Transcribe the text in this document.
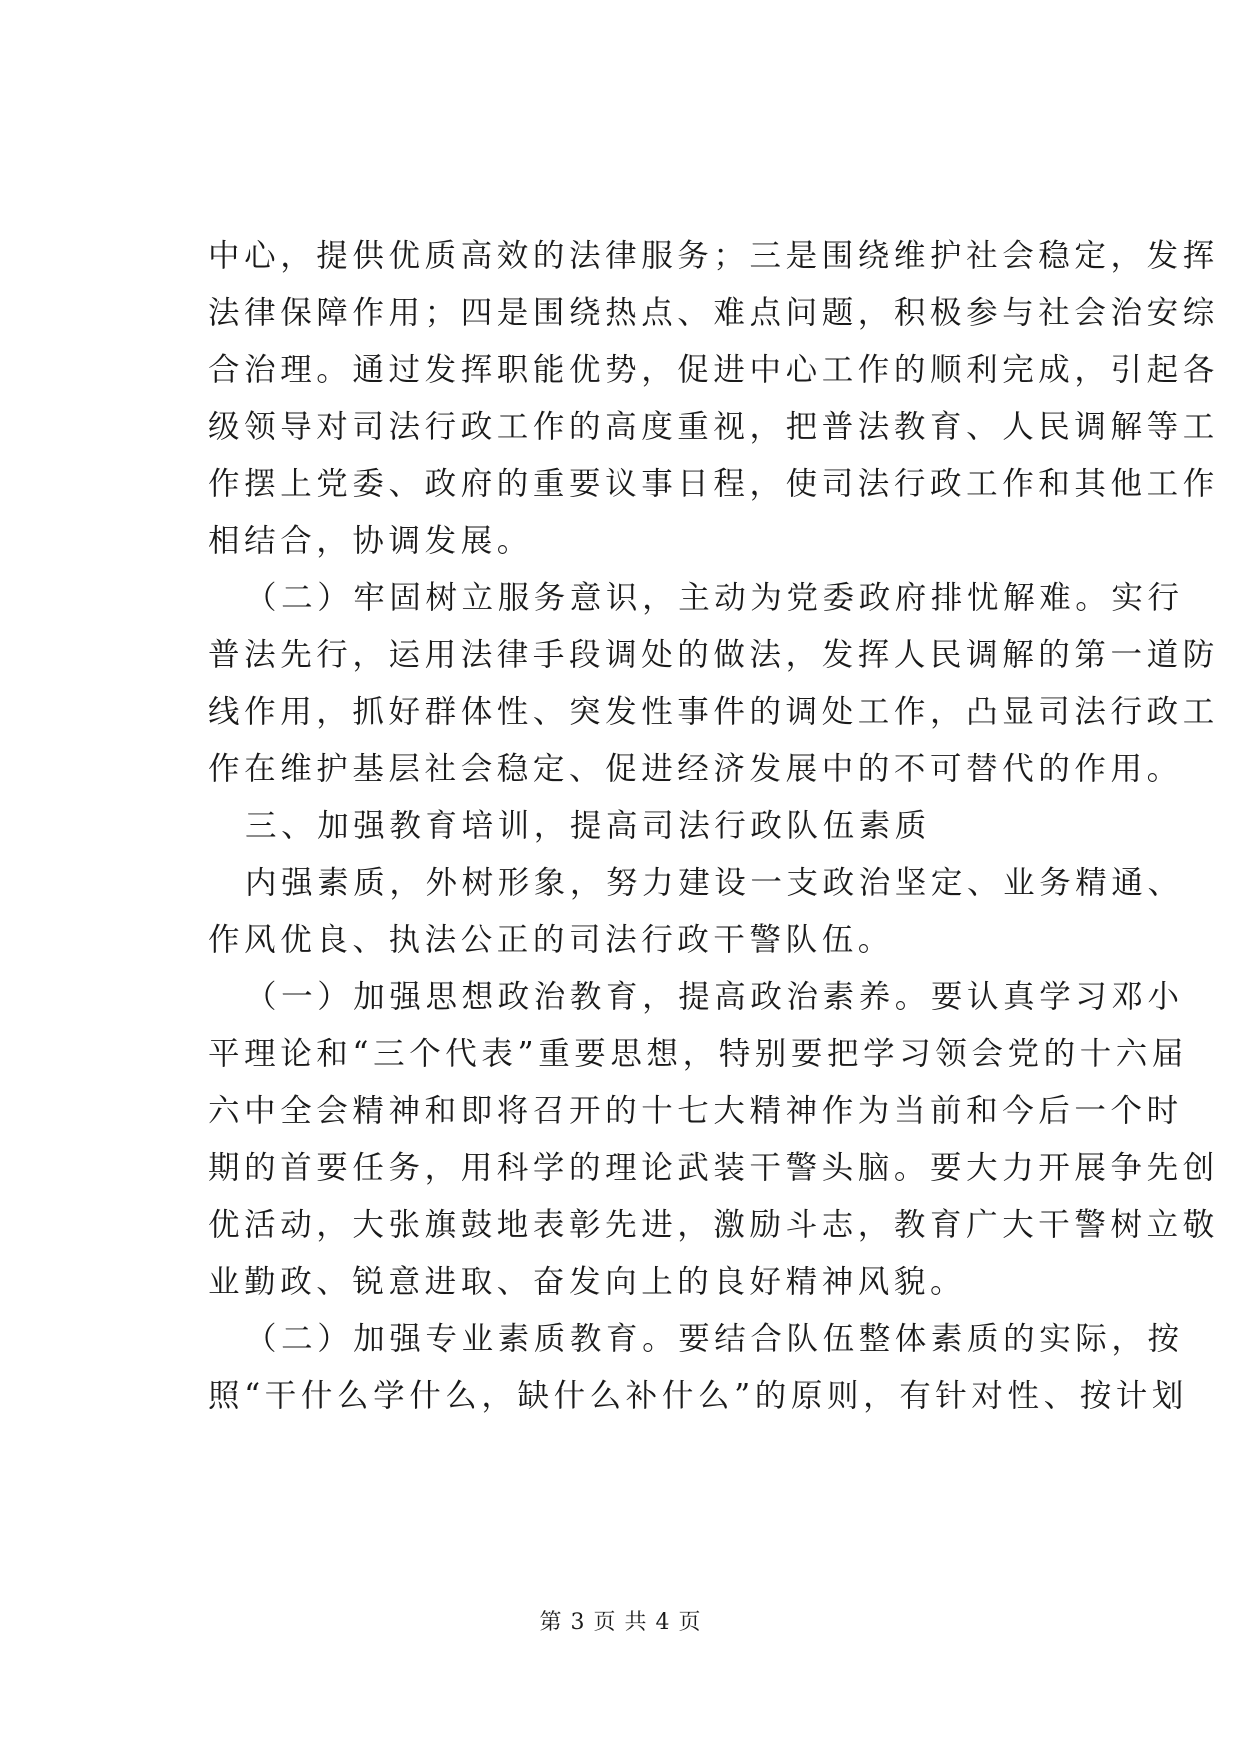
中心，提供优质高效的法律服务；三是围绕维护社会稳定，发挥
法律保障作用；四是围绕热点、难点问题，积极参与社会治安综
合治理。通过发挥职能优势，促进中心工作的顺利完成，引起各
级领导对司法行政工作的高度重视，把普法教育、人民调解等工
作摆上党委、政府的重要议事日程，使司法行政工作和其他工作
相结合，协调发展。
（二）牢固树立服务意识，主动为党委政府排忧解难。实行
普法先行，运用法律手段调处的做法，发挥人民调解的第一道防
线作用，抓好群体性、突发性事件的调处工作，凸显司法行政工
作在维护基层社会稳定、促进经济发展中的不可替代的作用。
三、加强教育培训，提高司法行政队伍素质
内强素质，外树形象，努力建设一支政治坚定、业务精通、
作风优良、执法公正的司法行政干警队伍。
（一）加强思想政治教育，提高政治素养。要认真学习邓小
平理论和“三个代表”重要思想，特别要把学习领会党的十六届
六中全会精神和即将召开的十七大精神作为当前和今后一个时
期的首要任务，用科学的理论武装干警头脑。要大力开展争先创
优活动，大张旗鼓地表彰先进，激励斗志，教育广大干警树立敬
业勤政、锐意进取、奋发向上的良好精神风貌。
（二）加强专业素质教育。要结合队伍整体素质的实际，按
照“干什么学什么，缺什么补什么”的原则，有针对性、按计划
第 3 页 共 4 页
